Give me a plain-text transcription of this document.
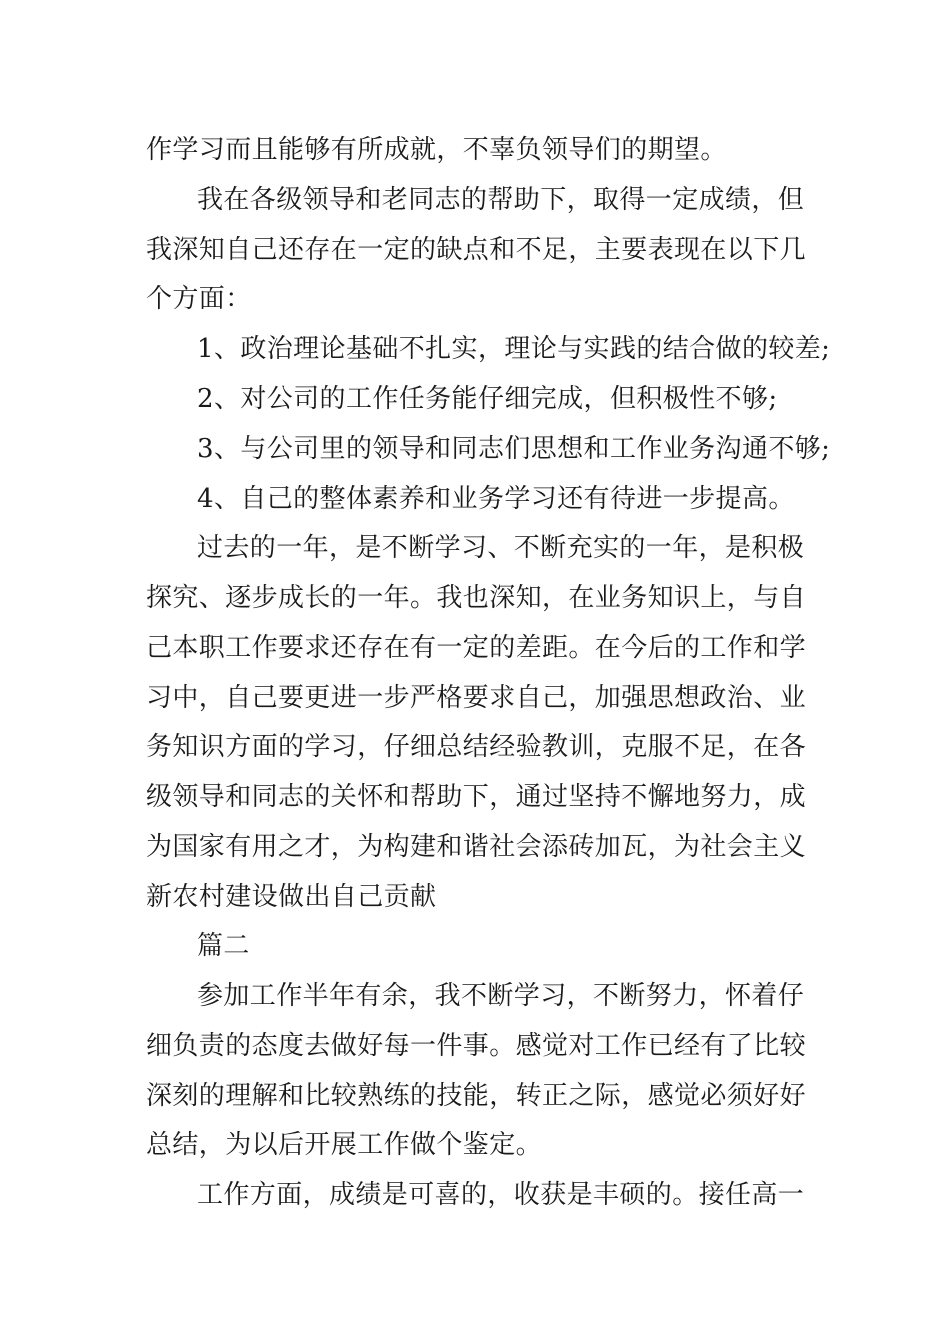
作学习而且能够有所成就，不辜负领导们的期望。
我在各级领导和老同志的帮助下，取得一定成绩，但
我深知自己还存在一定的缺点和不足，主要表现在以下几
个方面：
1、政治理论基础不扎实，理论与实践的结合做的较差;
2、对公司的工作任务能仔细完成，但积极性不够;
3、与公司里的领导和同志们思想和工作业务沟通不够;
4、自己的整体素养和业务学习还有待进一步提高。
过去的一年，是不断学习、不断充实的一年，是积极
探究、逐步成长的一年。我也深知，在业务知识上，与自
己本职工作要求还存在有一定的差距。在今后的工作和学
习中，自己要更进一步严格要求自己，加强思想政治、业
务知识方面的学习，仔细总结经验教训，克服不足，在各
级领导和同志的关怀和帮助下，通过坚持不懈地努力，成
为国家有用之才，为构建和谐社会添砖加瓦，为社会主义
新农村建设做出自己贡献
篇二
参加工作半年有余，我不断学习，不断努力，怀着仔
细负责的态度去做好每一件事。感觉对工作已经有了比较
深刻的理解和比较熟练的技能，转正之际，感觉必须好好
总结，为以后开展工作做个鉴定。
工作方面，成绩是可喜的，收获是丰硕的。接任高一
